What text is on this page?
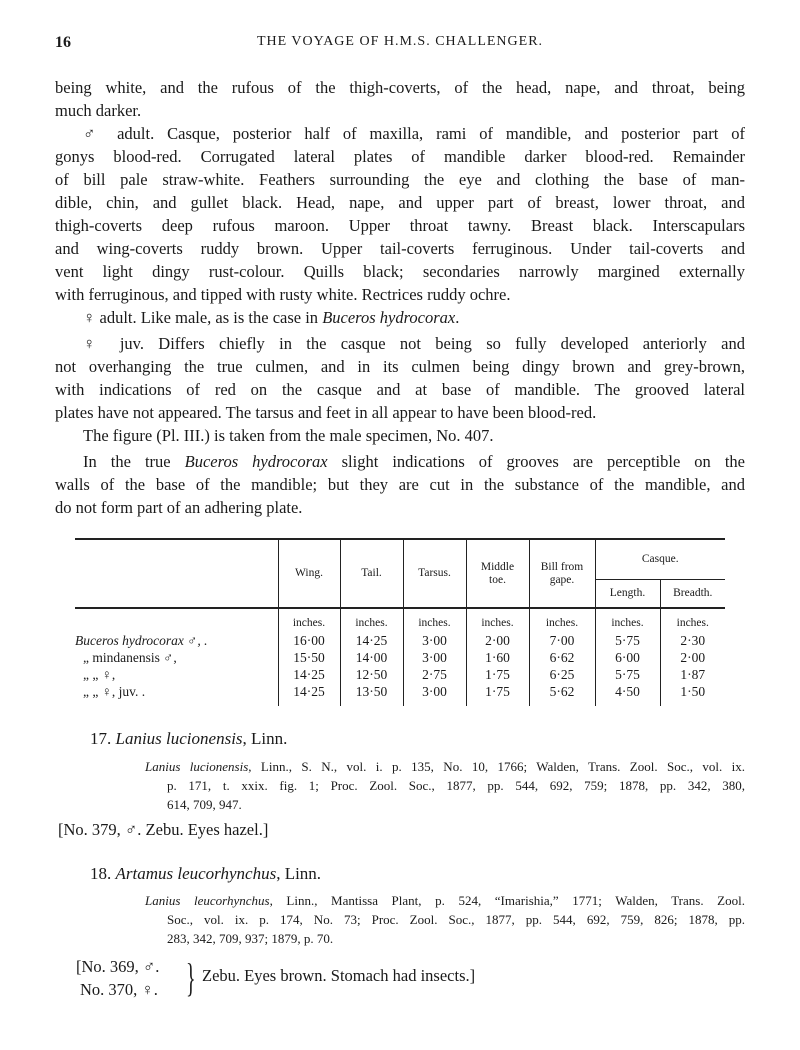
16	THE VOYAGE OF H.M.S. CHALLENGER.
being white, and the rufous of the thigh-coverts, of the head, nape, and throat, being
much darker.
♂ adult. Casque, posterior half of maxilla, rami of mandible, and posterior part of
gonys blood-red. Corrugated lateral plates of mandible darker blood-red. Remainder
of bill pale straw-white. Feathers surrounding the eye and clothing the base of man-
dible, chin, and gullet black. Head, nape, and upper part of breast, lower throat, and
thigh-coverts deep rufous maroon. Upper throat tawny. Breast black. Interscapulars
and wing-coverts ruddy brown. Upper tail-coverts ferruginous. Under tail-coverts and
vent light dingy rust-colour. Quills black; secondaries narrowly margined externally
with ferruginous, and tipped with rusty white. Rectrices ruddy ochre.
♀ adult. Like male, as is the case in Buceros hydrocorax.
♀ juv. Differs chiefly in the casque not being so fully developed anteriorly and
not overhanging the true culmen, and in its culmen being dingy brown and grey-brown,
with indications of red on the casque and at base of mandible. The grooved lateral
plates have not appeared. The tarsus and feet in all appear to have been blood-red.
The figure (Pl. III.) is taken from the male specimen, No. 407.
In the true Buceros hydrocorax slight indications of grooves are perceptible on the
walls of the base of the mandible; but they are cut in the substance of the mandible, and
do not form part of an adhering plate.
	Wing.	Tail.	Tarsus.	Middle toe.	Bill from gape.	Casque.	
						Length.	Breadth.
	inches.	inches.	inches.	inches.	inches.	inches.	inches.
Buceros hydrocorax ♂, .	16·00	14·25	3·00	2·00	7·00	5·75	2·30
„ mindanensis ♂,	15·50	14·00	3·00	1·60	6·62	6·00	2·00
„ „ ♀,	14·25	12·50	2·75	1·75	6·25	5·75	1·87
„ „ ♀, juv. .	14·25	13·50	3·00	1·75	5·62	4·50	1·50
17. Lanius lucionensis, Linn.
Lanius lucionensis, Linn., S. N., vol. i. p. 135, No. 10, 1766; Walden, Trans. Zool. Soc., vol. ix.
p. 171, t. xxix. fig. 1; Proc. Zool. Soc., 1877, pp. 544, 692, 759; 1878, pp. 342, 380,
614, 709, 947.
[No. 379, ♂. Zebu. Eyes hazel.]
18. Artamus leucorhynchus, Linn.
Lanius leucorhynchus, Linn., Mantissa Plant, p. 524, “Imarishia,” 1771; Walden, Trans. Zool.
Soc., vol. ix. p. 174, No. 73; Proc. Zool. Soc., 1877, pp. 544, 692, 759, 826; 1878, pp.
283, 342, 709, 937; 1879, p. 70.
[No. 369, ♂.
No. 370, ♀. } Zebu. Eyes brown. Stomach had insects.]
